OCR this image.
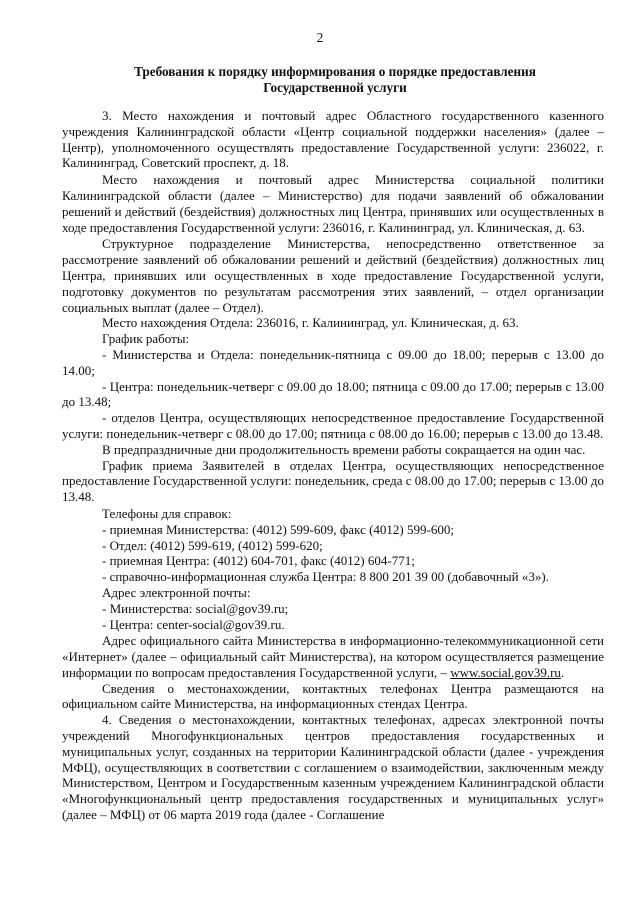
2
Требования к порядку информирования о порядке предоставления
Государственной услуги

3. Место нахождения и почтовый адрес Областного государственного казенного учреждения Калининградской области «Центр социальной поддержки населения» (далее – Центр), уполномоченного осуществлять предоставление Государственной услуги: 236022, г. Калининград, Советский проспект, д. 18.

Место нахождения и почтовый адрес Министерства социальной политики Калининградской области (далее – Министерство) для подачи заявлений об обжаловании решений и действий (бездействия) должностных лиц Центра, принявших или осуществленных в ходе предоставления Государственной услуги: 236016, г. Калининград, ул. Клиническая, д. 63.

Структурное подразделение Министерства, непосредственно ответственное за рассмотрение заявлений об обжаловании решений и действий (бездействия) должностных лиц Центра, принявших или осуществленных в ходе предоставление Государственной услуги, подготовку документов по результатам рассмотрения этих заявлений, – отдел организации социальных выплат (далее – Отдел).

Место нахождения Отдела: 236016, г. Калининград, ул. Клиническая, д. 63.

График работы:

- Министерства и Отдела: понедельник-пятница с 09.00 до 18.00; перерыв с 13.00 до 14.00;

- Центра: понедельник-четверг с 09.00 до 18.00; пятница с 09.00 до 17.00; перерыв с 13.00 до 13.48;

- отделов Центра, осуществляющих непосредственное предоставление Государственной услуги: понедельник-четверг с 08.00 до 17.00; пятница с 08.00 до 16.00; перерыв с 13.00 до 13.48.

В предпраздничные дни продолжительность времени работы сокращается на один час.

График приема Заявителей в отделах Центра, осуществляющих непосредственное предоставление Государственной услуги: понедельник, среда с 08.00 до 17.00; перерыв с 13.00 до 13.48.

Телефоны для справок:

- приемная Министерства: (4012) 599-609, факс (4012) 599-600;

- Отдел: (4012) 599-619, (4012) 599-620;

- приемная Центра: (4012) 604-701, факс (4012) 604-771;

- справочно-информационная служба Центра: 8 800 201 39 00 (добавочный «3»).

Адрес электронной почты:

- Министерства: social@gov39.ru;

- Центра: center-social@gov39.ru.

Адрес официального сайта Министерства в информационно-телекоммуникационной сети «Интернет» (далее – официальный сайт Министерства), на котором осуществляется размещение информации по вопросам предоставления Государственной услуги, – www.social.gov39.ru.

Сведения о местонахождении, контактных телефонах Центра размещаются на официальном сайте Министерства, на информационных стендах Центра.

4. Сведения о местонахождении, контактных телефонах, адресах электронной почты учреждений Многофункциональных центров предоставления государственных и муниципальных услуг, созданных на территории Калининградской области (далее - учреждения МФЦ), осуществляющих в соответствии с соглашением о взаимодействии, заключенным между Министерством, Центром и Государственным казенным учреждением Калининградской области «Многофункциональный центр предоставления государственных и муниципальных услуг» (далее – МФЦ) от 06 марта 2019 года (далее - Соглашение
